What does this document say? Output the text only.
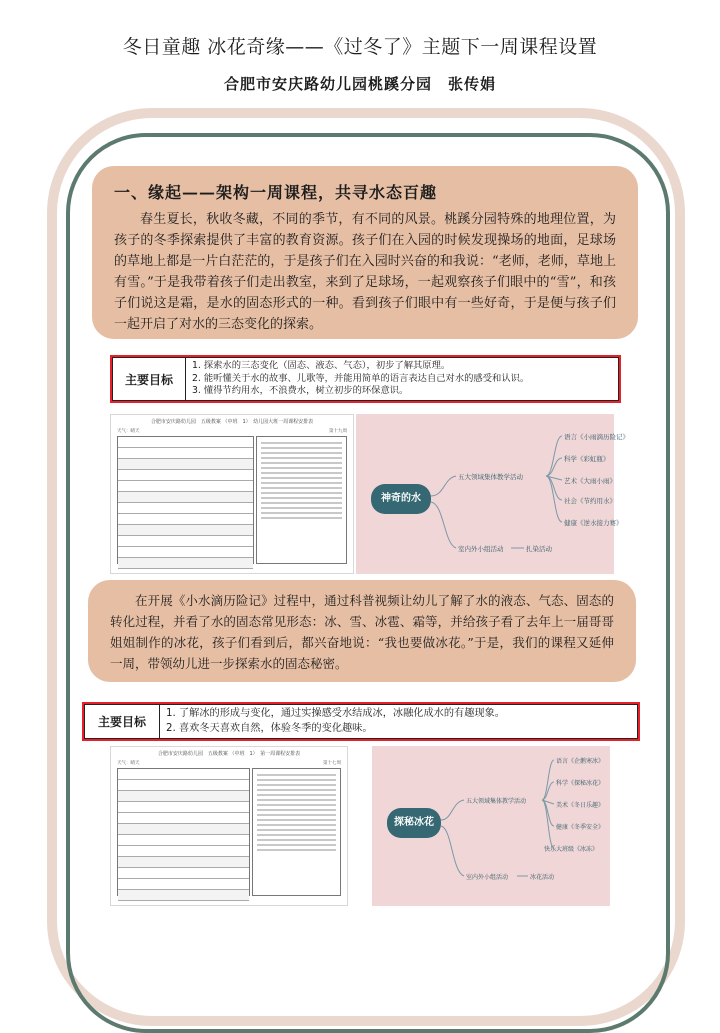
冬日童趣 冰花奇缘——《过冬了》主题下一周课程设置
合肥市安庆路幼儿园桃蹊分园　张传娟
一、缘起——架构一周课程，共寻水态百趣

春生夏长，秋收冬藏，不同的季节，有不同的风景。桃蹊分园特殊的地理位置，为孩子的冬季探索提供了丰富的教育资源。孩子们在入园的时候发现操场的地面，足球场的草地上都是一片白茫茫的，于是孩子们在入园时兴奋的和我说：“老师，老师，草地上有雪。”于是我带着孩子们走出教室，来到了足球场，一起观察孩子们眼中的“雪”，和孩子们说这是霜，是水的固态形式的一种。看到孩子们眼中有一些好奇，于是便与孩子们一起开启了对水的三态变化的探索。

主要目标	
1. 探索水的三态变化（固态、液态、气态），初步了解其原理。
2. 能听懂关于水的故事、儿歌等，并能用简单的语言表达自己对水的感受和认识。
3. 懂得节约用水，不浪费水，树立初步的环保意识。
合肥市安庆路幼儿园　五级教案 （中班　1）　幼儿园大班一周课程安排表
天气：晴天	第十九周
神奇的水
五大领域集体教学活动
室内外小组活动
语言《小雨滴历险记》
科学《彩虹瓶》
艺术《大雨小雨》
社会《节约用水》
健康《逆水接力赛》
扎染活动

在开展《小水滴历险记》过程中，通过科普视频让幼儿了解了水的液态、气态、固态的转化过程，并看了水的固态常见形态：冰、雪、冰雹、霜等，并给孩子看了去年上一届哥哥姐姐制作的冰花，孩子们看到后，都兴奋地说：“我也要做冰花。”于是，我们的课程又延伸一周，带领幼儿进一步探索水的固态秘密。

主要目标	
1. 了解冰的形成与变化，通过实操感受水结成冰，冰融化成水的有趣现象。
2. 喜欢冬天喜欢自然，体验冬季的变化趣味。
合肥市安庆路幼儿园　五级教案 （中班　1）　第一周课程安排表
天气：晴天	第十七周
探秘冰花
五大领域集体教学活动
室内外小组活动
语言《企鹅寒冰》
科学《探秘冰花》
美术《冬日乐趣》
健康《冬季安全》
快乐大班级《冰冻》
冰花活动
